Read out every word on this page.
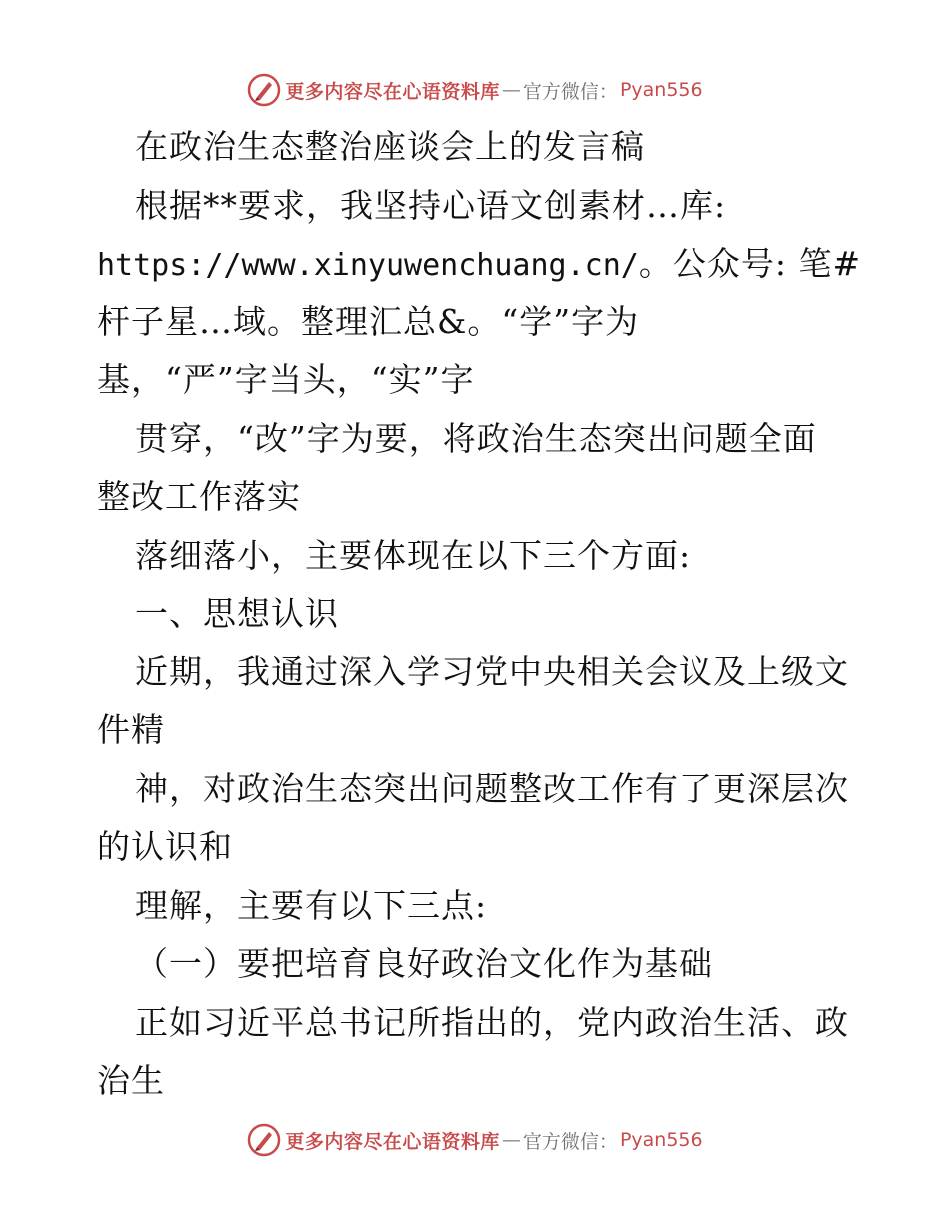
更多内容尽在心语资料库 — 官方微信： Pyan556
在政治生态整治座谈会上的发言稿
根据**要求，我坚持心语文创素材…库:
https://www.xinyuwenchuang.cn/。公众号: 笔#
杆子星…域。整理汇总&。“学”字为
基，“严”字当头，“实”字
贯穿，“改”字为要，将政治生态突出问题全面
整改工作落实
落细落小，主要体现在以下三个方面:
一、思想认识
近期，我通过深入学习党中央相关会议及上级文
件精
神，对政治生态突出问题整改工作有了更深层次
的认识和
理解，主要有以下三点:
（一）要把培育良好政治文化作为基础
正如习近平总书记所指出的，党内政治生活、政
治生
更多内容尽在心语资料库 — 官方微信： Pyan556
